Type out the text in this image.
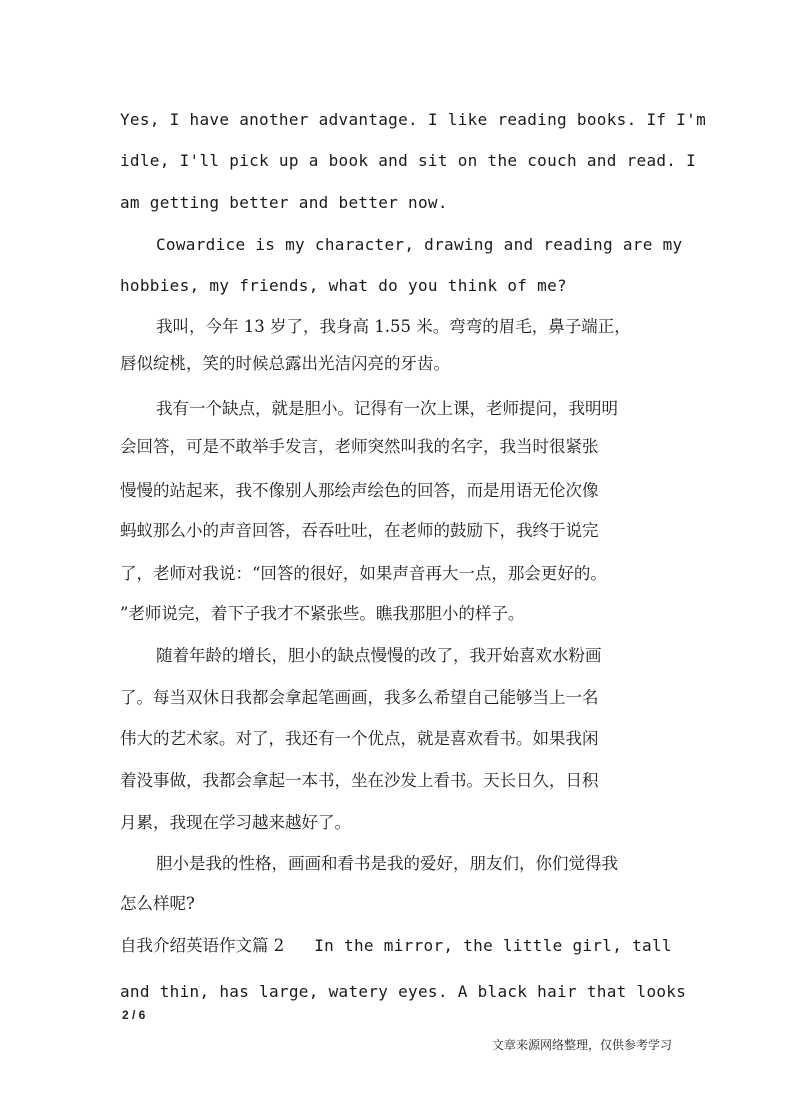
Yes, I have another advantage. I like reading books. If I'm
idle, I'll pick up a book and sit on the couch and read. I
am getting better and better now.
Cowardice is my character, drawing and reading are my
hobbies, my friends, what do you think of me?
我叫，今年 13 岁了，我身高 1.55 米。弯弯的眉毛，鼻子端正，
唇似绽桃，笑的时候总露出光洁闪亮的牙齿。
我有一个缺点，就是胆小。记得有一次上课，老师提问，我明明
会回答，可是不敢举手发言，老师突然叫我的名字，我当时很紧张
慢慢的站起来，我不像别人那绘声绘色的回答，而是用语无伦次像
蚂蚁那么小的声音回答，吞吞吐吐，在老师的鼓励下，我终于说完
了，老师对我说：“回答的很好，如果声音再大一点，那会更好的。
”老师说完，着下子我才不紧张些。瞧我那胆小的样子。
随着年龄的增长，胆小的缺点慢慢的改了，我开始喜欢水粉画
了。每当双休日我都会拿起笔画画，我多么希望自己能够当上一名
伟大的艺术家。对了，我还有一个优点，就是喜欢看书。如果我闲
着没事做，我都会拿起一本书，坐在沙发上看书。天长日久，日积
月累，我现在学习越来越好了。
胆小是我的性格，画画和看书是我的爱好，朋友们，你们觉得我
怎么样呢?
自我介绍英语作文篇 2 In the mirror, the little girl, tall
and thin, has large, watery eyes. A black hair that looks
2 / 6
文章来源网络整理，仅供参考学习
